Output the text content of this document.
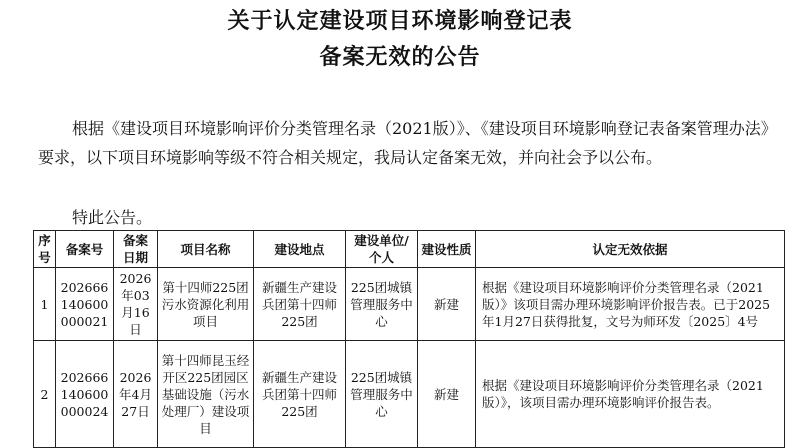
关于认定建设项目环境影响登记表
备案无效的公告
根据《建设项目环境影响评价分类管理名录（2021版）》、《建设项目环境影响登记表备案管理办法》要求，以下项目环境影响等级不符合相关规定，我局认定备案无效，并向社会予以公布。
特此公告。
序号	备案号	备案日期	项目名称	建设地点	建设单位/个人	建设性质	认定无效依据
1	202666140600000021	2026年03月16日	第十四师225团污水资源化利用项目	新疆生产建设兵团第十四师225团	225团城镇管理服务中心	新建	根据《建设项目环境影响评价分类管理名录（2021版）》该项目需办理环境影响评价报告表。已于2025年1月27日获得批复，文号为师环发〔2025〕4号
2	202666140600000024	2026年4月27日	第十四师昆玉经开区225团园区基础设施（污水处理厂）建设项目	新疆生产建设兵团第十四师225团	225团城镇管理服务中心	新建	根据《建设项目环境影响评价分类管理名录（2021版）》，该项目需办理环境影响评价报告表。
